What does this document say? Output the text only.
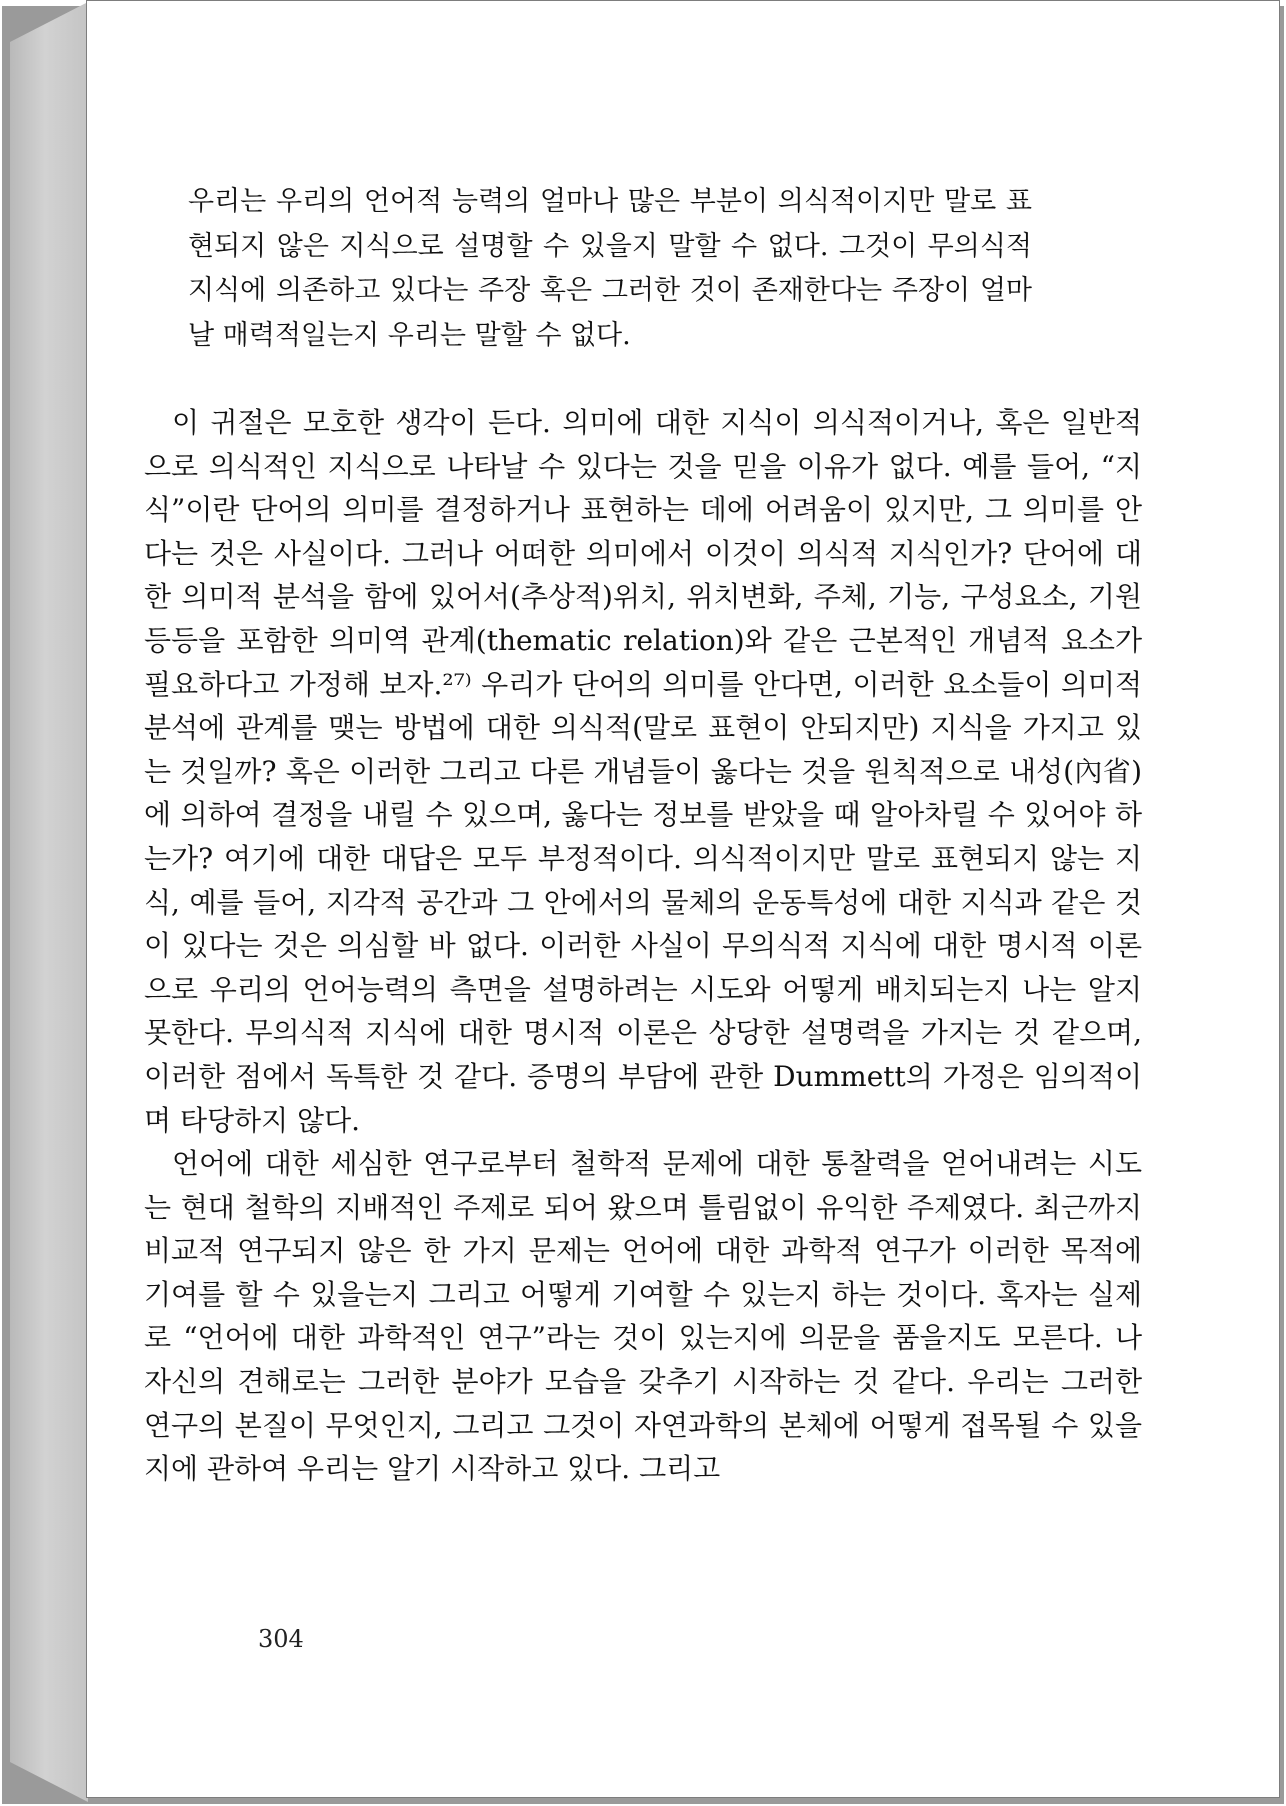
우리는 우리의 언어적 능력의 얼마나 많은 부분이 의식적이지만 말로 표현되지 않은 지식으로 설명할 수 있을지 말할 수 없다. 그것이 무의식적 지식에 의존하고 있다는 주장 혹은 그러한 것이 존재한다는 주장이 얼마날 매력적일는지 우리는 말할 수 없다.

이 귀절은 모호한 생각이 든다. 의미에 대한 지식이 의식적이거나, 혹은 일반적으로 의식적인 지식으로 나타날 수 있다는 것을 믿을 이유가 없다. 예를 들어, “지식”이란 단어의 의미를 결정하거나 표현하는 데에 어려움이 있지만, 그 의미를 안다는 것은 사실이다. 그러나 어떠한 의미에서 이것이 의식적 지식인가? 단어에 대한 의미적 분석을 함에 있어서(추상적)위치, 위치변화, 주체, 기능, 구성요소, 기원 등등을 포함한 의미역 관계(thematic relation)와 같은 근본적인 개념적 요소가 필요하다고 가정해 보자.²⁷⁾ 우리가 단어의 의미를 안다면, 이러한 요소들이 의미적 분석에 관계를 맺는 방법에 대한 의식적(말로 표현이 안되지만) 지식을 가지고 있는 것일까? 혹은 이러한 그리고 다른 개념들이 옳다는 것을 원칙적으로 내성(內省)에 의하여 결정을 내릴 수 있으며, 옳다는 정보를 받았을 때 알아차릴 수 있어야 하는가? 여기에 대한 대답은 모두 부정적이다. 의식적이지만 말로 표현되지 않는 지식, 예를 들어, 지각적 공간과 그 안에서의 물체의 운동특성에 대한 지식과 같은 것이 있다는 것은 의심할 바 없다. 이러한 사실이 무의식적 지식에 대한 명시적 이론으로 우리의 언어능력의 측면을 설명하려는 시도와 어떻게 배치되는지 나는 알지 못한다. 무의식적 지식에 대한 명시적 이론은 상당한 설명력을 가지는 것 같으며, 이러한 점에서 독특한 것 같다. 증명의 부담에 관한 Dummett의 가정은 임의적이며 타당하지 않다.

언어에 대한 세심한 연구로부터 철학적 문제에 대한 통찰력을 얻어내려는 시도는 현대 철학의 지배적인 주제로 되어 왔으며 틀림없이 유익한 주제였다. 최근까지 비교적 연구되지 않은 한 가지 문제는 언어에 대한 과학적 연구가 이러한 목적에 기여를 할 수 있을는지 그리고 어떻게 기여할 수 있는지 하는 것이다. 혹자는 실제로 “언어에 대한 과학적인 연구”라는 것이 있는지에 의문을 품을지도 모른다. 나 자신의 견해로는 그러한 분야가 모습을 갖추기 시작하는 것 같다. 우리는 그러한 연구의 본질이 무엇인지, 그리고 그것이 자연과학의 본체에 어떻게 접목될 수 있을지에 관하여 우리는 알기 시작하고 있다. 그리고

304
